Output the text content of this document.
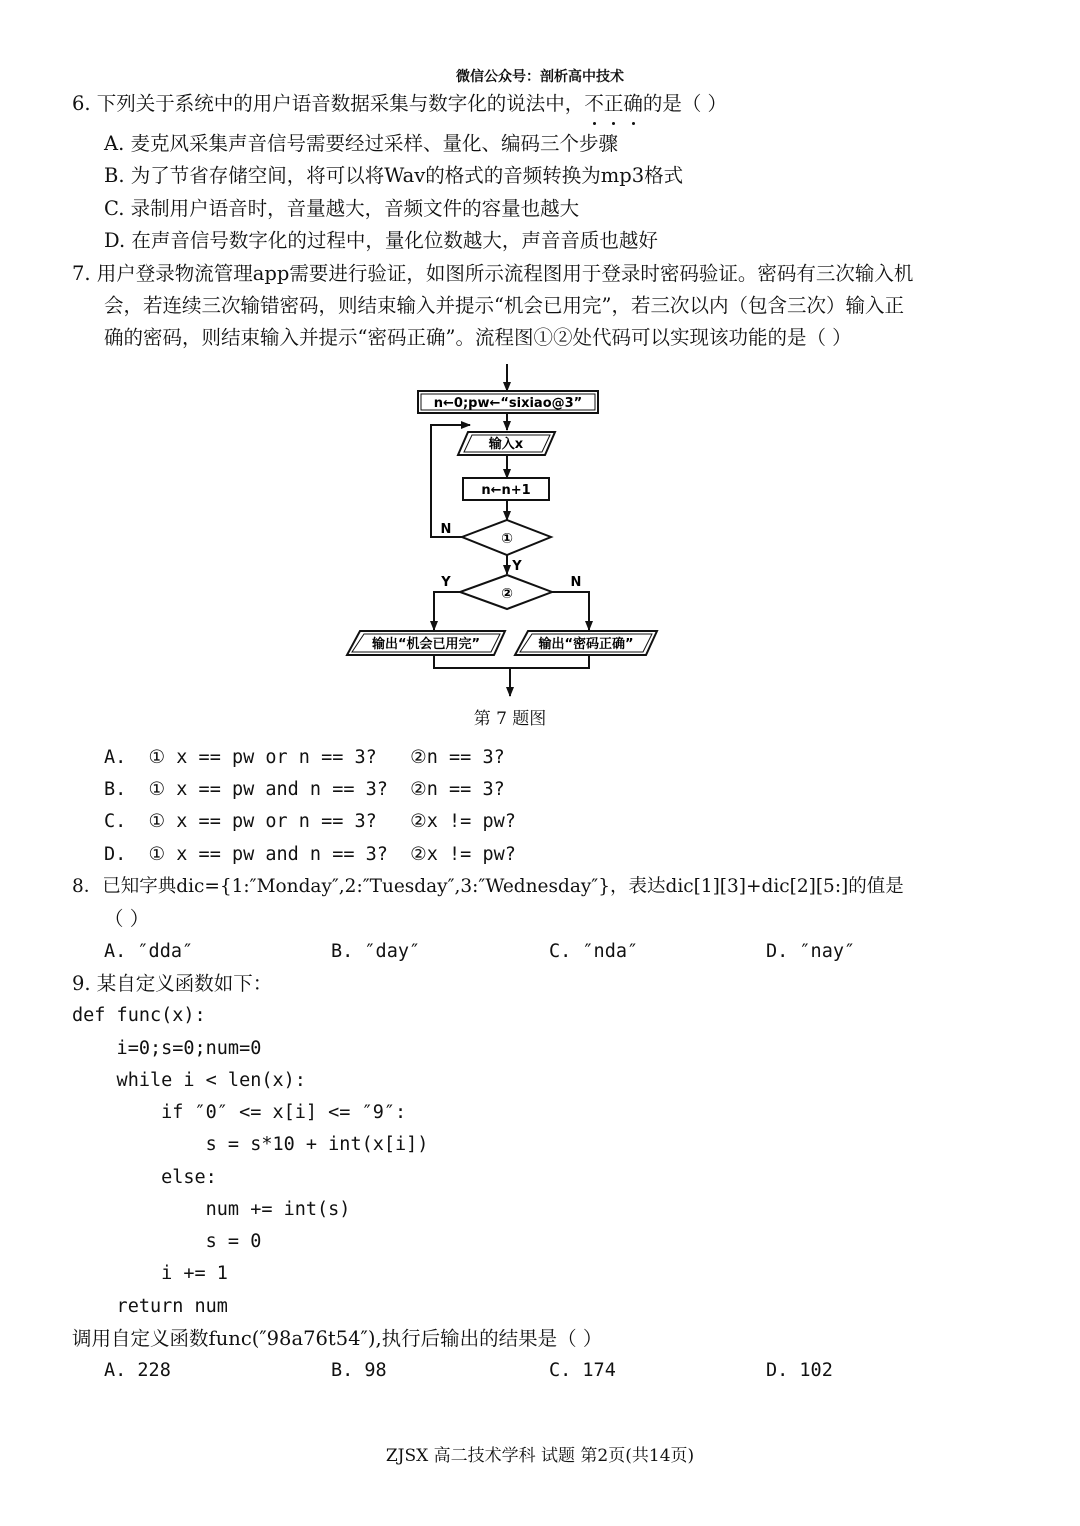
微信公众号：剖析高中技术
6. 下列关于系统中的用户语音数据采集与数字化的说法中，不正确的是（ ）
A. 麦克风采集声音信号需要经过采样、量化、编码三个步骤
B. 为了节省存储空间，将可以将Wav的格式的音频转换为mp3格式
C. 录制用户语音时，音量越大，音频文件的容量也越大
D. 在声音信号数字化的过程中，量化位数越大，声音音质也越好
7. 用户登录物流管理app需要进行验证，如图所示流程图用于登录时密码验证。密码有三次输入机
会，若连续三次输错密码，则结束输入并提示“机会已用完”，若三次以内（包含三次）输入正
确的密码，则结束输入并提示“密码正确”。流程图①②处代码可以实现该功能的是（ ）
n←0;pw←“sixiao@3”
输入x
n←n+1
①
②
N
Y
Y	N
输出“机会已用完”	输出“密码正确”
第 7 题图
A.  ① x == pw or n == 3?   ②n == 3?
B.  ① x == pw and n == 3?  ②n == 3?
C.  ① x == pw or n == 3?   ②x != pw?
D.  ① x == pw and n == 3?  ②x != pw?
8．已知字典dic={1:″Monday″,2:″Tuesday″,3:″Wednesday″}，表达dic[1][3]+dic[2][5:]的值是
（ ）
A. ″dda″	B. ″day″	C. ″nda″	D. ″nay″
9. 某自定义函数如下：
def func(x):
i=0;s=0;num=0
while i < len(x):
if ″0″ <= x[i] <= ″9″:
s = s*10 + int(x[i])
else:
num += int(s)
s = 0
i += 1
return num
调用自定义函数func(″98a76t54″),执行后输出的结果是（ ）
A. 228	B. 98	C. 174	D. 102
ZJSX 高二技术学科 试题 第2页(共14页)
